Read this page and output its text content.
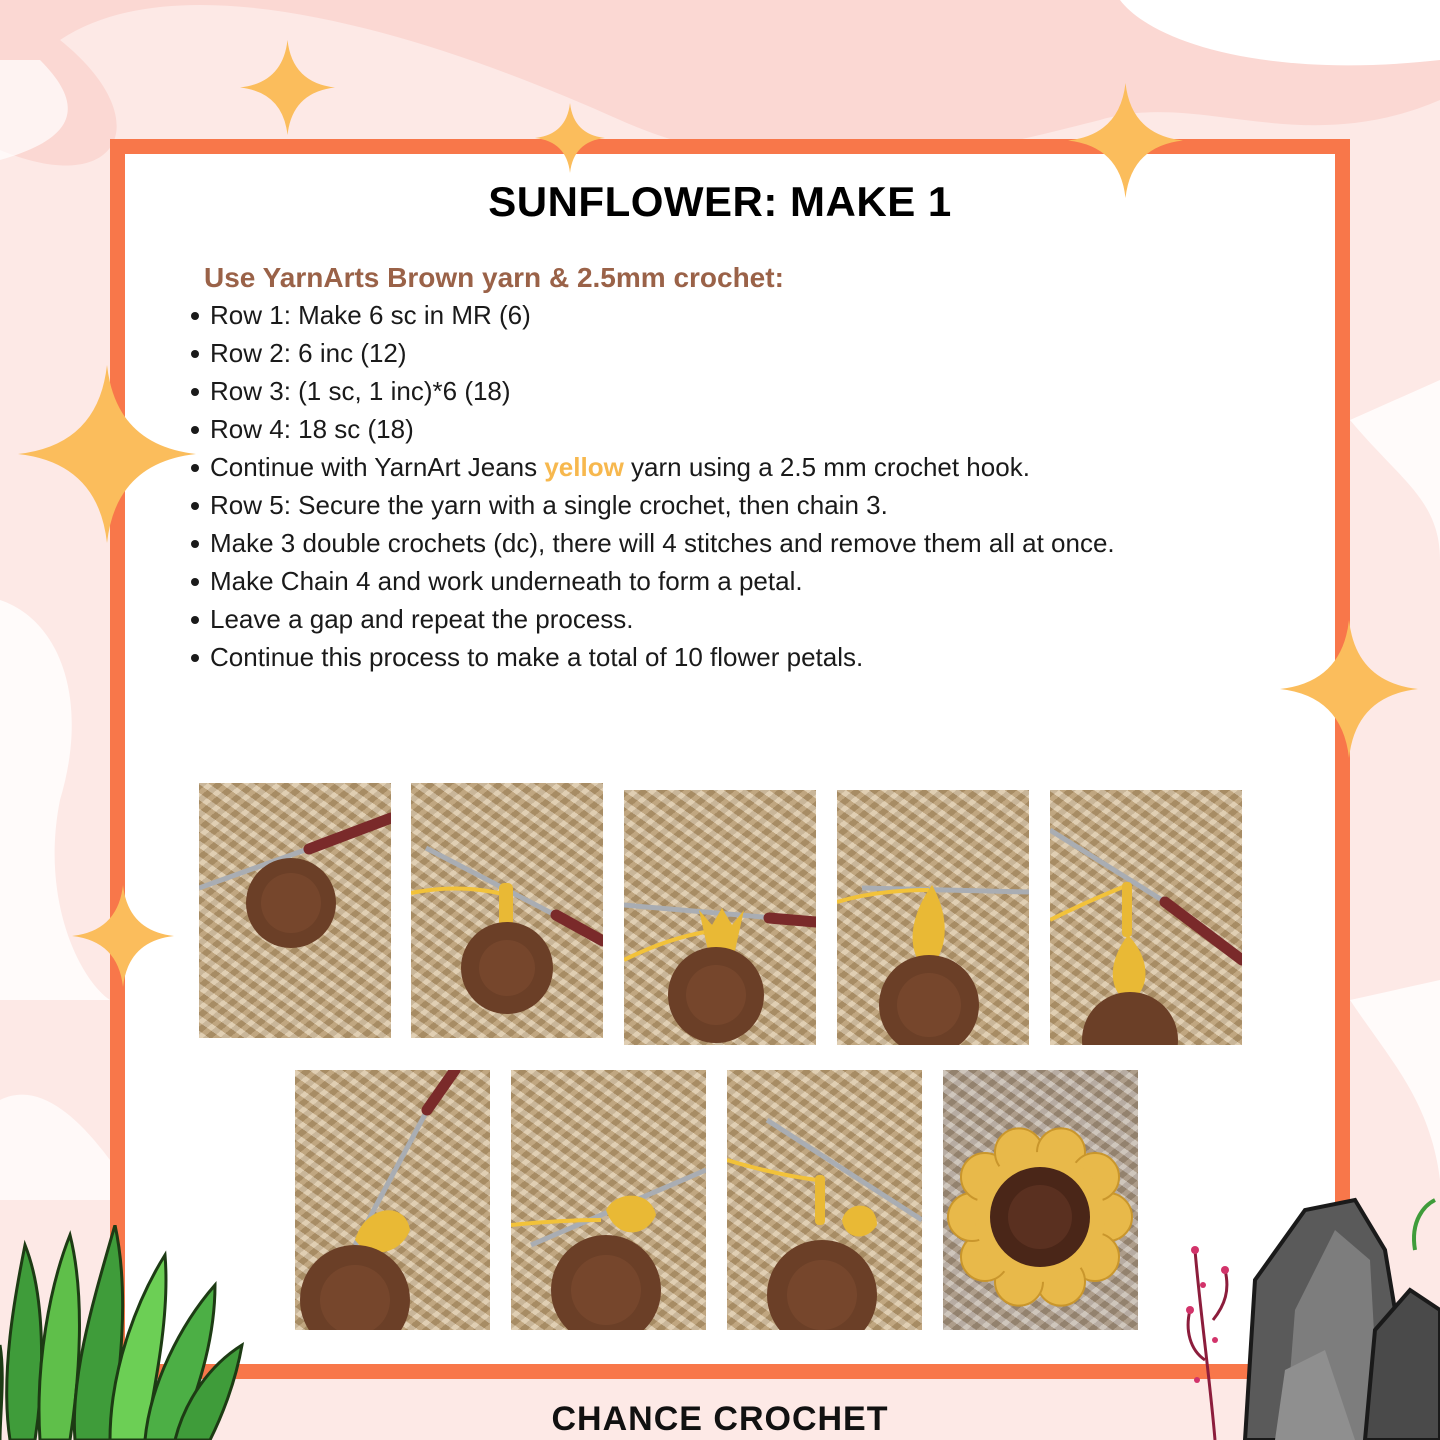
SUNFLOWER: MAKE 1

Use YarnArts Brown yarn & 2.5mm crochet:

Row 1: Make 6 sc in MR (6)
Row 2: 6 inc (12)
Row 3: (1 sc, 1 inc)*6 (18)
Row 4: 18 sc (18)
Continue with YarnArt Jeans yellow yarn using a 2.5 mm crochet hook.
Row 5: Secure the yarn with a single crochet, then chain 3.
Make 3 double crochets (dc), there will 4 stitches and remove them all at once.
Make Chain 4 and work underneath to form a petal.
Leave a gap and repeat the process.
Continue this process to make a total of 10 flower petals.

CHANCE CROCHET
